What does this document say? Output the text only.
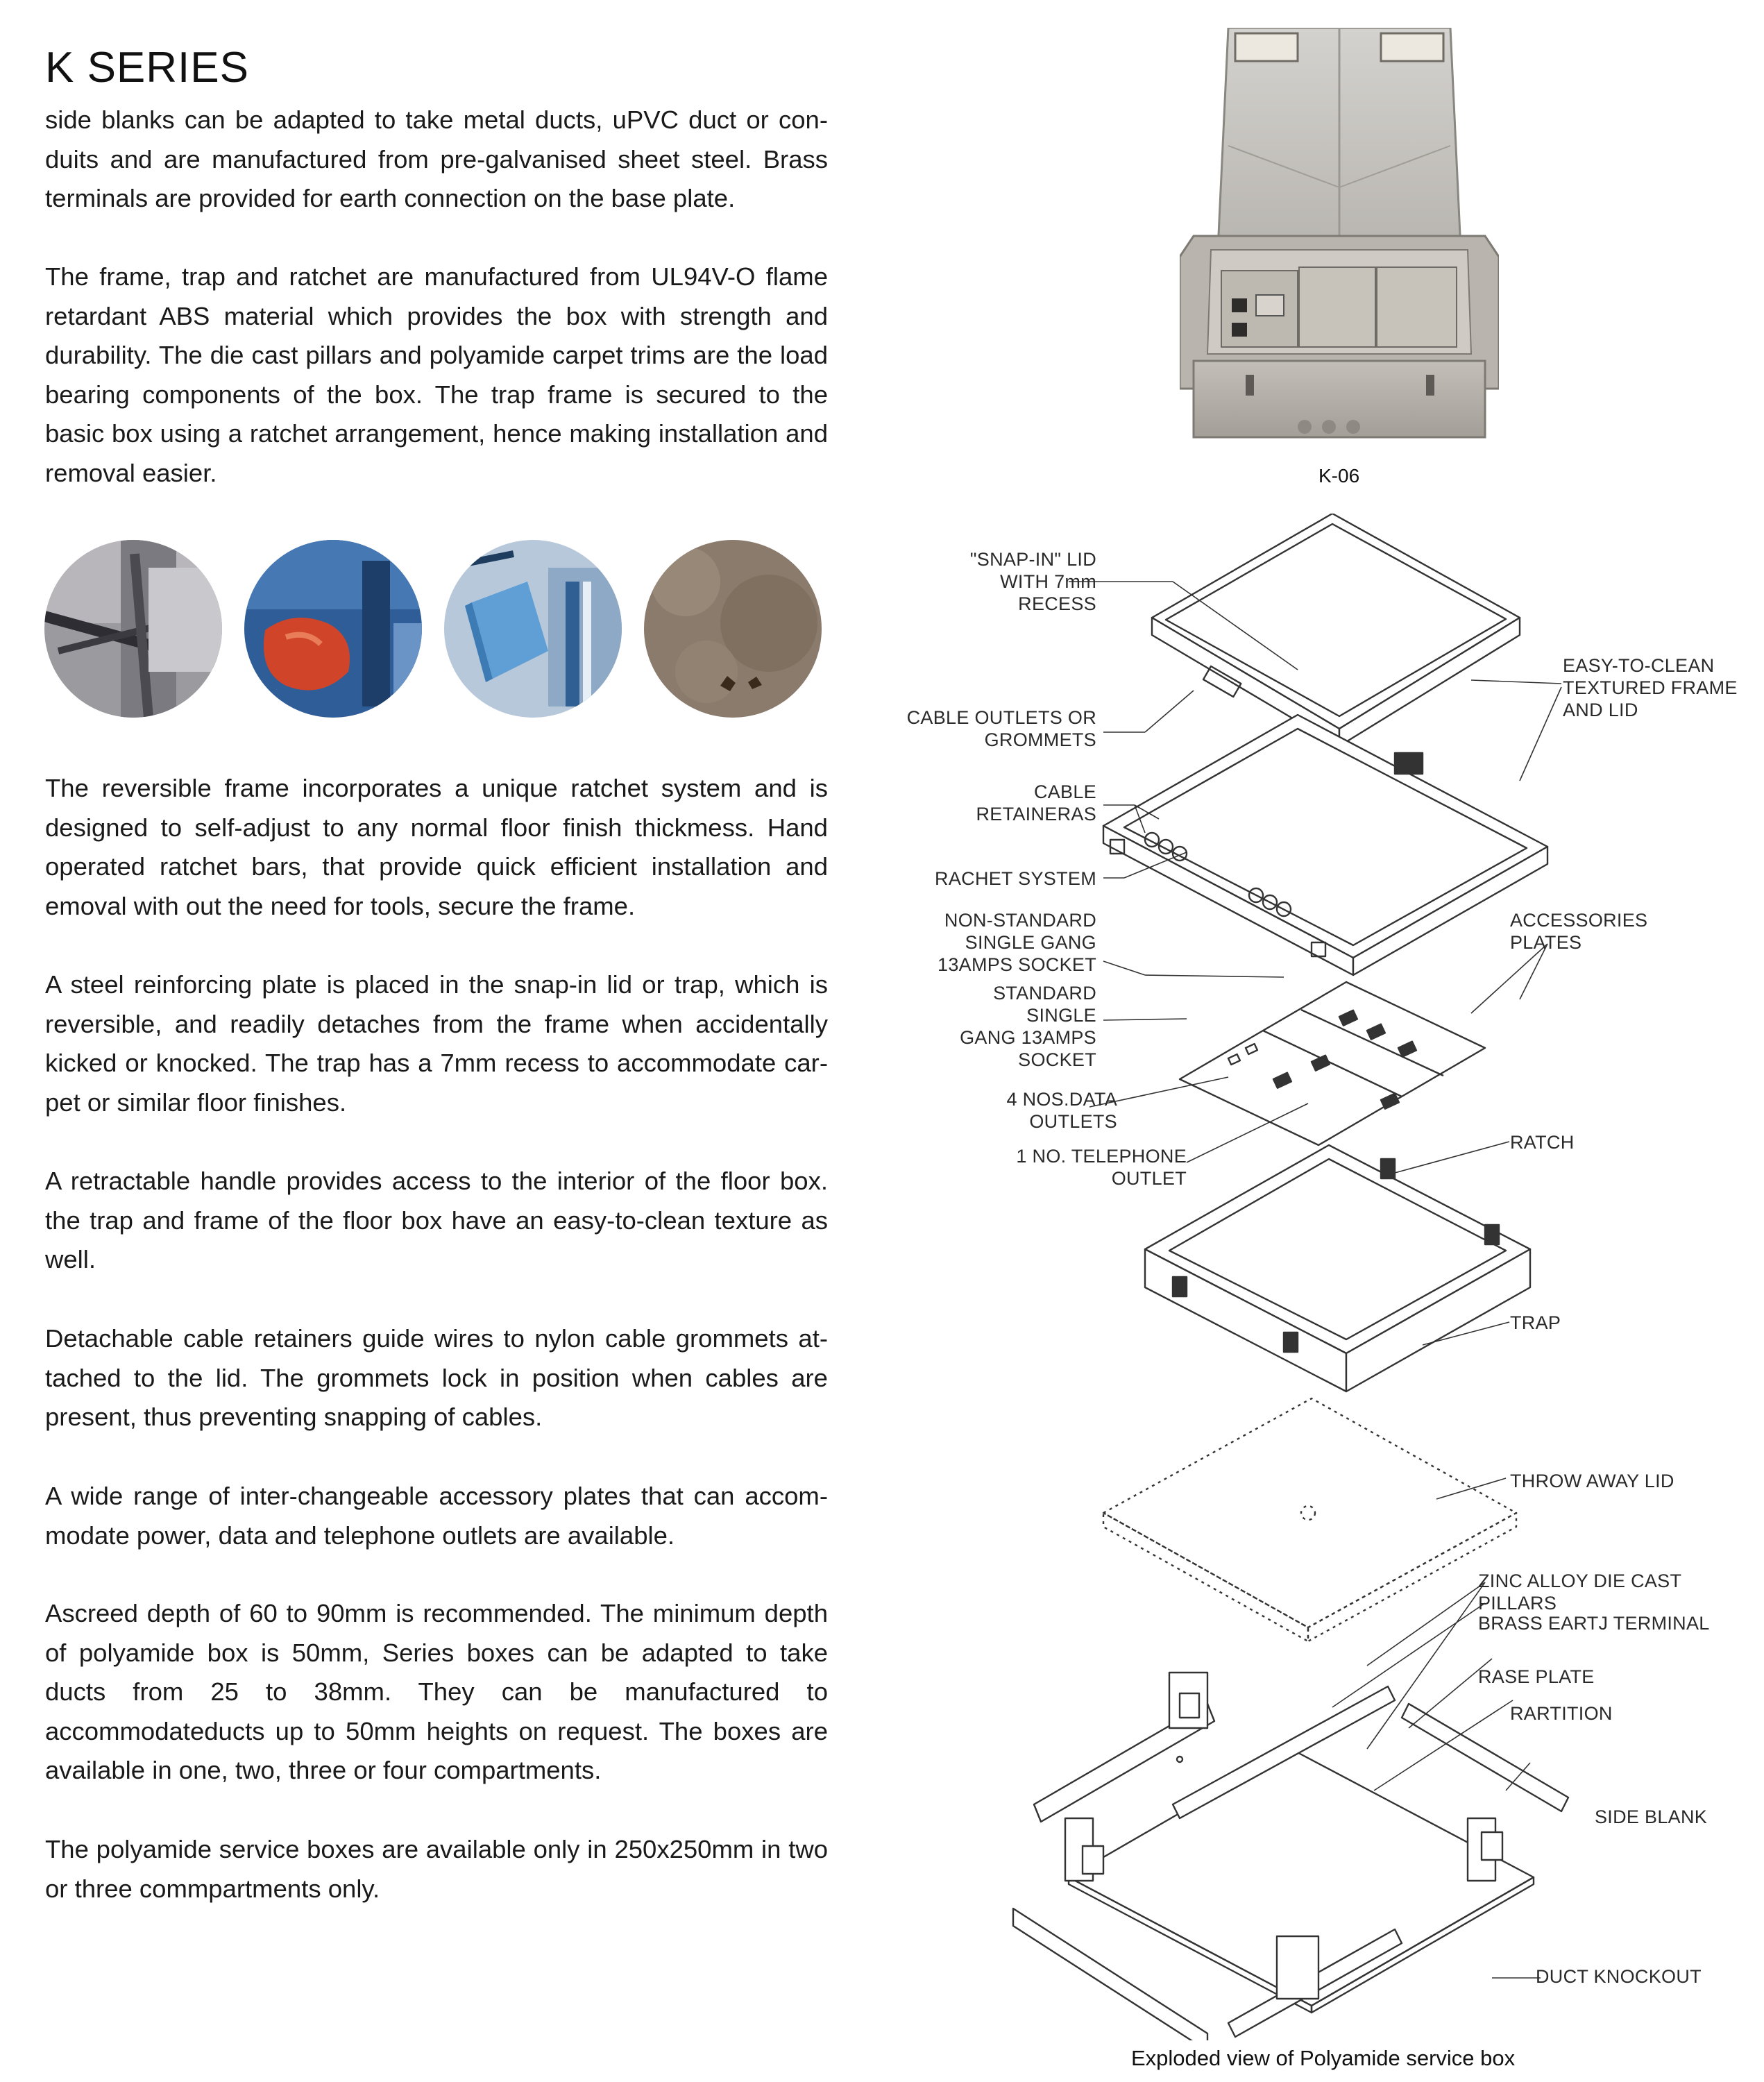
K SERIES

side blanks can be adapted to take metal ducts, uPVC duct or con-duits and are manufactured from pre-galvanised sheet steel. Brass terminals are provided for earth connection on the base plate.

The frame, trap and ratchet are manufactured from UL94V-O flame retardant ABS material which provides the box with strength and durability. The die cast pillars and polyamide carpet trims are the load bearing components of the box. The trap frame is secured to the basic box using a ratchet arrangement, hence making installation and removal easier.

The reversible frame incorporates a unique ratchet system and is designed to self-adjust to any normal floor finish thickmess. Hand operated ratchet bars, that provide quick efficient installation and emoval with out the need for tools, secure the frame.

A steel reinforcing plate is placed in the snap-in lid or trap, which is reversible, and readily detaches from the frame when accidentally kicked or knocked. The trap has a 7mm recess to accommodate car-pet or similar floor finishes.

A retractable handle provides access to the interior of the floor box. the trap and frame of the floor box have an easy-to-clean texture as well.

Detachable cable retainers guide wires to nylon cable grommets at-tached to the lid. The grommets lock in position when cables are present, thus preventing snapping of cables.

A wide range of inter-changeable accessory plates that can accom-modate power, data and telephone outlets are available.

Ascreed depth of 60 to 90mm is recommended. The minimum depth of polyamide box is 50mm, Series boxes can be adapted to take ducts from 25 to 38mm. They can be manufactured to accommodateducts up to 50mm heights on request. The boxes are available in one, two, three or four compartments.

The polyamide service boxes are available only in 250x250mm in two or three commpartments only.

K-06
"SNAP-IN" LID
WITH 7mm
RECESS
EASY-TO-CLEAN
TEXTURED FRAME
AND LID
CABLE OUTLETS OR
GROMMETS
CABLE
RETAINERAS
RACHET SYSTEM
NON-STANDARD
SINGLE GANG
13AMPS SOCKET
ACCESSORIES
PLATES
STANDARD
SINGLE
GANG 13AMPS
SOCKET
4 NOS.DATA
OUTLETS
1 NO. TELEPHONE
OUTLET
RATCH
TRAP
THROW AWAY LID
ZINC ALLOY DIE CAST PILLARS
BRASS EARTJ TERMINAL
RASE PLATE
RARTITION
SIDE BLANK
DUCT KNOCKOUT
Exploded view of Polyamide service box
